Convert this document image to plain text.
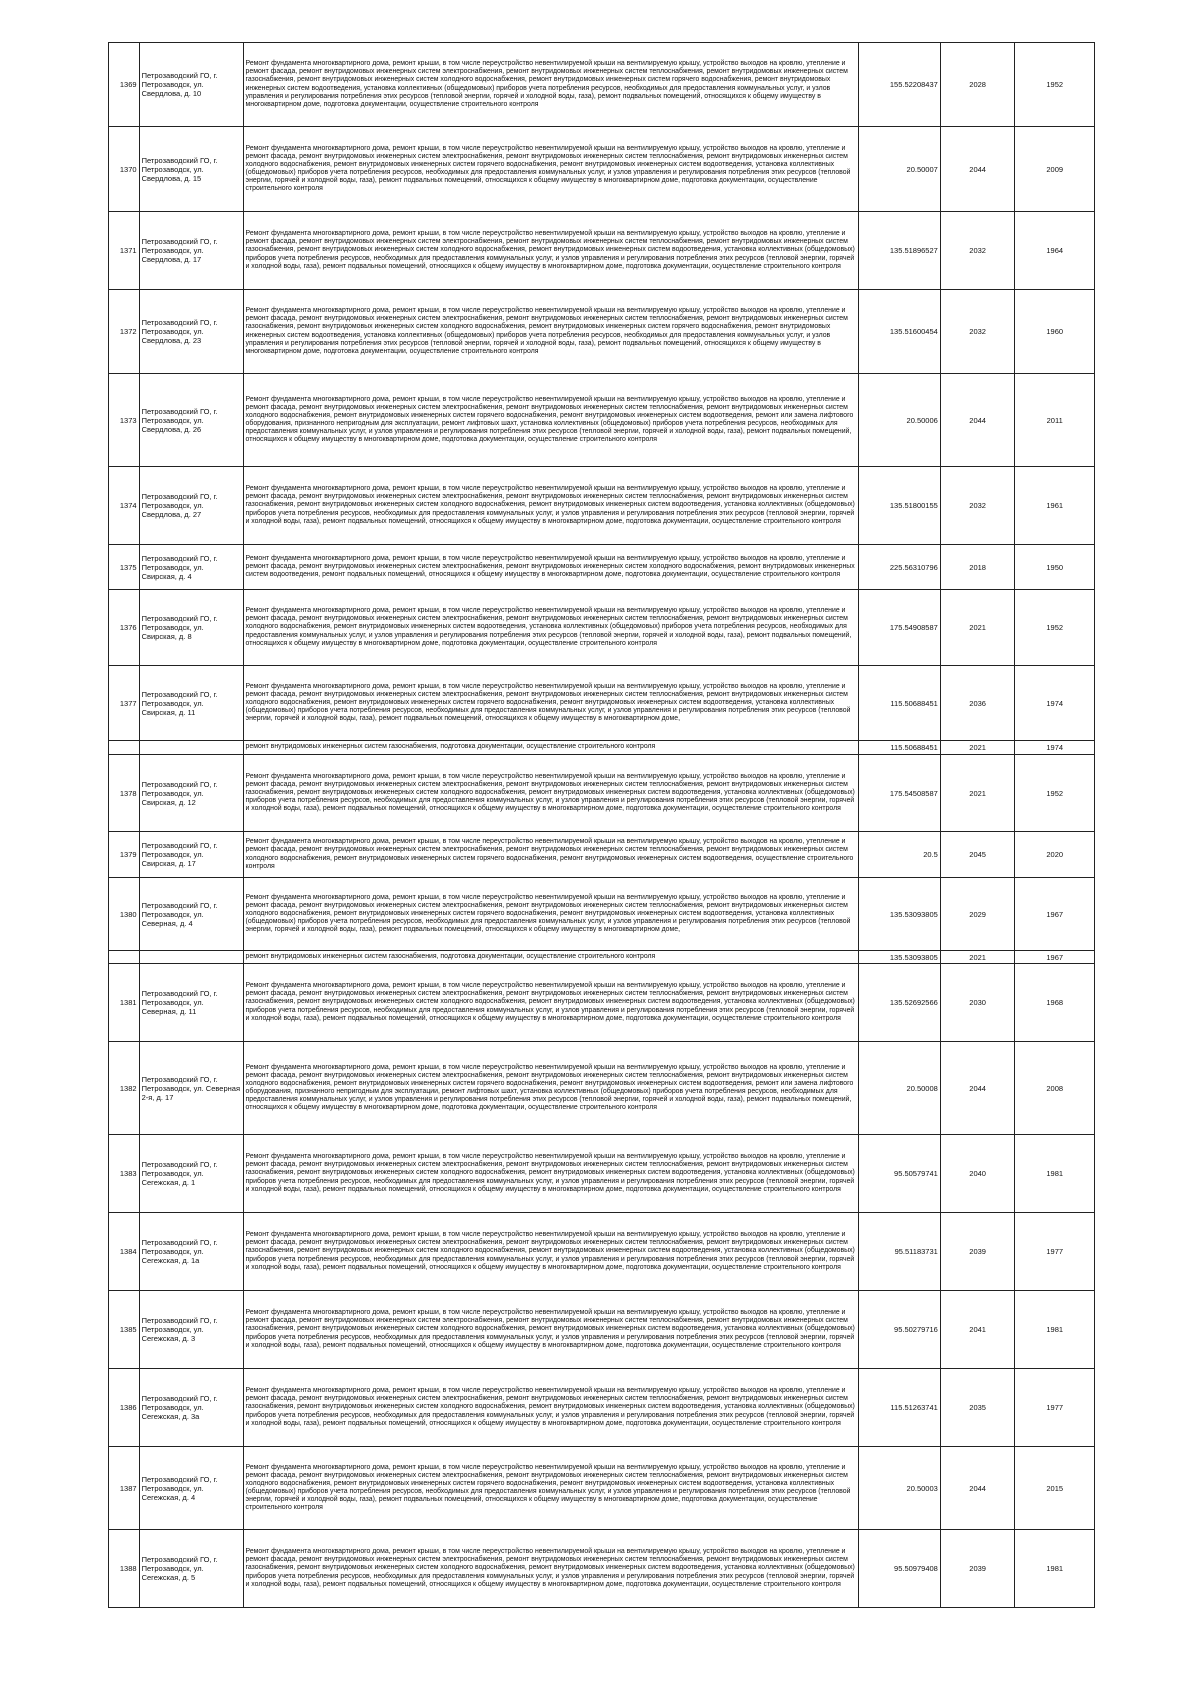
1369	Петрозаводский ГО, г. Петрозаводск, ул. Свердлова, д. 10	Ремонт фундамента многоквартирного дома, ремонт крыши, в том числе переустройство невентилируемой крыши на вентилируемую крышу, устройство выходов на кровлю, утепление и ремонт фасада, ремонт внутридомовых инженерных систем электроснабжения, ремонт внутридомовых инженерных систем теплоснабжения, ремонт внутридомовых инженерных систем газоснабжения, ремонт внутридомовых инженерных систем холодного водоснабжения, ремонт внутридомовых инженерных систем горячего водоснабжения, ремонт внутридомовых инженерных систем водоотведения, установка коллективных (общедомовых) приборов учета потребления ресурсов, необходимых для предоставления коммунальных услуг, и узлов управления и регулирования потребления этих ресурсов (тепловой энергии, горячей и холодной воды, газа), ремонт подвальных помещений, относящихся к общему имуществу в многоквартирном доме, подготовка документации, осуществление строительного контроля	155.52208437	2028	1952
1370	Петрозаводский ГО, г. Петрозаводск, ул. Свердлова, д. 15	Ремонт фундамента многоквартирного дома, ремонт крыши, в том числе переустройство невентилируемой крыши на вентилируемую крышу, устройство выходов на кровлю, утепление и ремонт фасада, ремонт внутридомовых инженерных систем электроснабжения, ремонт внутридомовых инженерных систем теплоснабжения, ремонт внутридомовых инженерных систем холодного водоснабжения, ремонт внутридомовых инженерных систем горячего водоснабжения, ремонт внутридомовых инженерных систем водоотведения, установка коллективных (общедомовых) приборов учета потребления ресурсов, необходимых для предоставления коммунальных услуг, и узлов управления и регулирования потребления этих ресурсов (тепловой энергии, горячей и холодной воды, газа), ремонт подвальных помещений, относящихся к общему имуществу в многоквартирном доме, подготовка документации, осуществление строительного контроля	20.50007	2044	2009
1371	Петрозаводский ГО, г. Петрозаводск, ул. Свердлова, д. 17	Ремонт фундамента многоквартирного дома, ремонт крыши, в том числе переустройство невентилируемой крыши на вентилируемую крышу, устройство выходов на кровлю, утепление и ремонт фасада, ремонт внутридомовых инженерных систем электроснабжения, ремонт внутридомовых инженерных систем теплоснабжения, ремонт внутридомовых инженерных систем газоснабжения, ремонт внутридомовых инженерных систем холодного водоснабжения, ремонт внутридомовых инженерных систем водоотведения, установка коллективных (общедомовых) приборов учета потребления ресурсов, необходимых для предоставления коммунальных услуг, и узлов управления и регулирования потребления этих ресурсов (тепловой энергии, горячей и холодной воды, газа), ремонт подвальных помещений, относящихся к общему имуществу в многоквартирном доме, подготовка документации, осуществление строительного контроля	135.51896527	2032	1964
1372	Петрозаводский ГО, г. Петрозаводск, ул. Свердлова, д. 23	Ремонт фундамента многоквартирного дома, ремонт крыши, в том числе переустройство невентилируемой крыши на вентилируемую крышу, устройство выходов на кровлю, утепление и ремонт фасада, ремонт внутридомовых инженерных систем электроснабжения, ремонт внутридомовых инженерных систем теплоснабжения, ремонт внутридомовых инженерных систем газоснабжения, ремонт внутридомовых инженерных систем холодного водоснабжения, ремонт внутридомовых инженерных систем горячего водоснабжения, ремонт внутридомовых инженерных систем водоотведения, установка коллективных (общедомовых) приборов учета потребления ресурсов, необходимых для предоставления коммунальных услуг, и узлов управления и регулирования потребления этих ресурсов (тепловой энергии, горячей и холодной воды, газа), ремонт подвальных помещений, относящихся к общему имуществу в многоквартирном доме, подготовка документации, осуществление строительного контроля	135.51600454	2032	1960
1373	Петрозаводский ГО, г. Петрозаводск, ул. Свердлова, д. 26	Ремонт фундамента многоквартирного дома, ремонт крыши, в том числе переустройство невентилируемой крыши на вентилируемую крышу, устройство выходов на кровлю, утепление и ремонт фасада, ремонт внутридомовых инженерных систем электроснабжения, ремонт внутридомовых инженерных систем теплоснабжения, ремонт внутридомовых инженерных систем холодного водоснабжения, ремонт внутридомовых инженерных систем горячего водоснабжения, ремонт внутридомовых инженерных систем водоотведения, ремонт или замена лифтового оборудования, признанного непригодным для эксплуатации, ремонт лифтовых шахт, установка коллективных (общедомовых) приборов учета потребления ресурсов, необходимых для предоставления коммунальных услуг, и узлов управления и регулирования потребления этих ресурсов (тепловой энергии, горячей и холодной воды, газа), ремонт подвальных помещений, относящихся к общему имуществу в многоквартирном доме, подготовка документации, осуществление строительного контроля	20.50006	2044	2011
1374	Петрозаводский ГО, г. Петрозаводск, ул. Свердлова, д. 27	Ремонт фундамента многоквартирного дома, ремонт крыши, в том числе переустройство невентилируемой крыши на вентилируемую крышу, устройство выходов на кровлю, утепление и ремонт фасада, ремонт внутридомовых инженерных систем электроснабжения, ремонт внутридомовых инженерных систем теплоснабжения, ремонт внутридомовых инженерных систем газоснабжения, ремонт внутридомовых инженерных систем холодного водоснабжения, ремонт внутридомовых инженерных систем водоотведения, установка коллективных (общедомовых) приборов учета потребления ресурсов, необходимых для предоставления коммунальных услуг, и узлов управления и регулирования потребления этих ресурсов (тепловой энергии, горячей и холодной воды, газа), ремонт подвальных помещений, относящихся к общему имуществу в многоквартирном доме, подготовка документации, осуществление строительного контроля	135.51800155	2032	1961
1375	Петрозаводский ГО, г. Петрозаводск, ул. Свирская, д. 4	Ремонт фундамента многоквартирного дома, ремонт крыши, в том числе переустройство невентилируемой крыши на вентилируемую крышу, устройство выходов на кровлю, утепление и ремонт фасада, ремонт внутридомовых инженерных систем электроснабжения, ремонт внутридомовых инженерных систем холодного водоснабжения, ремонт внутридомовых инженерных систем водоотведения, ремонт подвальных помещений, относящихся к общему имуществу в многоквартирном доме, подготовка документации, осуществление строительного контроля	225.56310796	2018	1950
1376	Петрозаводский ГО, г. Петрозаводск, ул. Свирская, д. 8	Ремонт фундамента многоквартирного дома, ремонт крыши, в том числе переустройство невентилируемой крыши на вентилируемую крышу, устройство выходов на кровлю, утепление и ремонт фасада, ремонт внутридомовых инженерных систем электроснабжения, ремонт внутридомовых инженерных систем теплоснабжения, ремонт внутридомовых инженерных систем холодного водоснабжения, ремонт внутридомовых инженерных систем водоотведения, установка коллективных (общедомовых) приборов учета потребления ресурсов, необходимых для предоставления коммунальных услуг, и узлов управления и регулирования потребления этих ресурсов (тепловой энергии, горячей и холодной воды, газа), ремонт подвальных помещений, относящихся к общему имуществу в многоквартирном доме, подготовка документации, осуществление строительного контроля	175.54908587	2021	1952
1377	Петрозаводский ГО, г. Петрозаводск, ул. Свирская, д. 11	Ремонт фундамента многоквартирного дома, ремонт крыши, в том числе переустройство невентилируемой крыши на вентилируемую крышу, устройство выходов на кровлю, утепление и ремонт фасада, ремонт внутридомовых инженерных систем электроснабжения, ремонт внутридомовых инженерных систем теплоснабжения, ремонт внутридомовых инженерных систем холодного водоснабжения, ремонт внутридомовых инженерных систем горячего водоснабжения, ремонт внутридомовых инженерных систем водоотведения, установка коллективных (общедомовых) приборов учета потребления ресурсов, необходимых для предоставления коммунальных услуг, и узлов управления и регулирования потребления этих ресурсов (тепловой энергии, горячей и холодной воды, газа), ремонт подвальных помещений, относящихся к общему имуществу в многоквартирном доме,	115.50688451	2036	1974
		ремонт внутридомовых инженерных систем газоснабжения, подготовка документации, осуществление строительного контроля	115.50688451	2021	1974
1378	Петрозаводский ГО, г. Петрозаводск, ул. Свирская, д. 12	Ремонт фундамента многоквартирного дома, ремонт крыши, в том числе переустройство невентилируемой крыши на вентилируемую крышу, устройство выходов на кровлю, утепление и ремонт фасада, ремонт внутридомовых инженерных систем электроснабжения, ремонт внутридомовых инженерных систем теплоснабжения, ремонт внутридомовых инженерных систем газоснабжения, ремонт внутридомовых инженерных систем холодного водоснабжения, ремонт внутридомовых инженерных систем водоотведения, установка коллективных (общедомовых) приборов учета потребления ресурсов, необходимых для предоставления коммунальных услуг, и узлов управления и регулирования потребления этих ресурсов (тепловой энергии, горячей и холодной воды, газа), ремонт подвальных помещений, относящихся к общему имуществу в многоквартирном доме, подготовка документации, осуществление строительного контроля	175.54508587	2021	1952
1379	Петрозаводский ГО, г. Петрозаводск, ул. Свирская, д. 17	Ремонт фундамента многоквартирного дома, ремонт крыши, в том числе переустройство невентилируемой крыши на вентилируемую крышу, устройство выходов на кровлю, утепление и ремонт фасада, ремонт внутридомовых инженерных систем электроснабжения, ремонт внутридомовых инженерных систем теплоснабжения, ремонт внутридомовых инженерных систем холодного водоснабжения, ремонт внутридомовых инженерных систем горячего водоснабжения, ремонт внутридомовых инженерных систем водоотведения, осуществление строительного контроля	20.5	2045	2020
1380	Петрозаводский ГО, г. Петрозаводск, ул. Северная, д. 4	Ремонт фундамента многоквартирного дома, ремонт крыши, в том числе переустройство невентилируемой крыши на вентилируемую крышу, устройство выходов на кровлю, утепление и ремонт фасада, ремонт внутридомовых инженерных систем электроснабжения, ремонт внутридомовых инженерных систем теплоснабжения, ремонт внутридомовых инженерных систем холодного водоснабжения, ремонт внутридомовых инженерных систем горячего водоснабжения, ремонт внутридомовых инженерных систем водоотведения, установка коллективных (общедомовых) приборов учета потребления ресурсов, необходимых для предоставления коммунальных услуг, и узлов управления и регулирования потребления этих ресурсов (тепловой энергии, горячей и холодной воды, газа), ремонт подвальных помещений, относящихся к общему имуществу в многоквартирном доме,	135.53093805	2029	1967
		ремонт внутридомовых инженерных систем газоснабжения, подготовка документации, осуществление строительного контроля	135.53093805	2021	1967
1381	Петрозаводский ГО, г. Петрозаводск, ул. Северная, д. 11	Ремонт фундамента многоквартирного дома, ремонт крыши, в том числе переустройство невентилируемой крыши на вентилируемую крышу, устройство выходов на кровлю, утепление и ремонт фасада, ремонт внутридомовых инженерных систем электроснабжения, ремонт внутридомовых инженерных систем теплоснабжения, ремонт внутридомовых инженерных систем газоснабжения, ремонт внутридомовых инженерных систем холодного водоснабжения, ремонт внутридомовых инженерных систем водоотведения, установка коллективных (общедомовых) приборов учета потребления ресурсов, необходимых для предоставления коммунальных услуг, и узлов управления и регулирования потребления этих ресурсов (тепловой энергии, горячей и холодной воды, газа), ремонт подвальных помещений, относящихся к общему имуществу в многоквартирном доме, подготовка документации, осуществление строительного контроля	135.52692566	2030	1968
1382	Петрозаводский ГО, г. Петрозаводск, ул. Северная 2-я, д. 17	Ремонт фундамента многоквартирного дома, ремонт крыши, в том числе переустройство невентилируемой крыши на вентилируемую крышу, устройство выходов на кровлю, утепление и ремонт фасада, ремонт внутридомовых инженерных систем электроснабжения, ремонт внутридомовых инженерных систем теплоснабжения, ремонт внутридомовых инженерных систем холодного водоснабжения, ремонт внутридомовых инженерных систем горячего водоснабжения, ремонт внутридомовых инженерных систем водоотведения, ремонт или замена лифтового оборудования, признанного непригодным для эксплуатации, ремонт лифтовых шахт, установка коллективных (общедомовых) приборов учета потребления ресурсов, необходимых для предоставления коммунальных услуг, и узлов управления и регулирования потребления этих ресурсов (тепловой энергии, горячей и холодной воды, газа), ремонт подвальных помещений, относящихся к общему имуществу в многоквартирном доме, подготовка документации, осуществление строительного контроля	20.50008	2044	2008
1383	Петрозаводский ГО, г. Петрозаводск, ул. Сегежская, д. 1	Ремонт фундамента многоквартирного дома, ремонт крыши, в том числе переустройство невентилируемой крыши на вентилируемую крышу, устройство выходов на кровлю, утепление и ремонт фасада, ремонт внутридомовых инженерных систем электроснабжения, ремонт внутридомовых инженерных систем теплоснабжения, ремонт внутридомовых инженерных систем газоснабжения, ремонт внутридомовых инженерных систем холодного водоснабжения, ремонт внутридомовых инженерных систем водоотведения, установка коллективных (общедомовых) приборов учета потребления ресурсов, необходимых для предоставления коммунальных услуг, и узлов управления и регулирования потребления этих ресурсов (тепловой энергии, горячей и холодной воды, газа), ремонт подвальных помещений, относящихся к общему имуществу в многоквартирном доме, подготовка документации, осуществление строительного контроля	95.50579741	2040	1981
1384	Петрозаводский ГО, г. Петрозаводск, ул. Сегежская, д. 1а	Ремонт фундамента многоквартирного дома, ремонт крыши, в том числе переустройство невентилируемой крыши на вентилируемую крышу, устройство выходов на кровлю, утепление и ремонт фасада, ремонт внутридомовых инженерных систем электроснабжения, ремонт внутридомовых инженерных систем теплоснабжения, ремонт внутридомовых инженерных систем газоснабжения, ремонт внутридомовых инженерных систем холодного водоснабжения, ремонт внутридомовых инженерных систем водоотведения, установка коллективных (общедомовых) приборов учета потребления ресурсов, необходимых для предоставления коммунальных услуг, и узлов управления и регулирования потребления этих ресурсов (тепловой энергии, горячей и холодной воды, газа), ремонт подвальных помещений, относящихся к общему имуществу в многоквартирном доме, подготовка документации, осуществление строительного контроля	95.51183731	2039	1977
1385	Петрозаводский ГО, г. Петрозаводск, ул. Сегежская, д. 3	Ремонт фундамента многоквартирного дома, ремонт крыши, в том числе переустройство невентилируемой крыши на вентилируемую крышу, устройство выходов на кровлю, утепление и ремонт фасада, ремонт внутридомовых инженерных систем электроснабжения, ремонт внутридомовых инженерных систем теплоснабжения, ремонт внутридомовых инженерных систем газоснабжения, ремонт внутридомовых инженерных систем холодного водоснабжения, ремонт внутридомовых инженерных систем водоотведения, установка коллективных (общедомовых) приборов учета потребления ресурсов, необходимых для предоставления коммунальных услуг, и узлов управления и регулирования потребления этих ресурсов (тепловой энергии, горячей и холодной воды, газа), ремонт подвальных помещений, относящихся к общему имуществу в многоквартирном доме, подготовка документации, осуществление строительного контроля	95.50279716	2041	1981
1386	Петрозаводский ГО, г. Петрозаводск, ул. Сегежская, д. 3а	Ремонт фундамента многоквартирного дома, ремонт крыши, в том числе переустройство невентилируемой крыши на вентилируемую крышу, устройство выходов на кровлю, утепление и ремонт фасада, ремонт внутридомовых инженерных систем электроснабжения, ремонт внутридомовых инженерных систем теплоснабжения, ремонт внутридомовых инженерных систем газоснабжения, ремонт внутридомовых инженерных систем холодного водоснабжения, ремонт внутридомовых инженерных систем водоотведения, установка коллективных (общедомовых) приборов учета потребления ресурсов, необходимых для предоставления коммунальных услуг, и узлов управления и регулирования потребления этих ресурсов (тепловой энергии, горячей и холодной воды, газа), ремонт подвальных помещений, относящихся к общему имуществу в многоквартирном доме, подготовка документации, осуществление строительного контроля	115.51263741	2035	1977
1387	Петрозаводский ГО, г. Петрозаводск, ул. Сегежская, д. 4	Ремонт фундамента многоквартирного дома, ремонт крыши, в том числе переустройство невентилируемой крыши на вентилируемую крышу, устройство выходов на кровлю, утепление и ремонт фасада, ремонт внутридомовых инженерных систем электроснабжения, ремонт внутридомовых инженерных систем теплоснабжения, ремонт внутридомовых инженерных систем холодного водоснабжения, ремонт внутридомовых инженерных систем горячего водоснабжения, ремонт внутридомовых инженерных систем водоотведения, установка коллективных (общедомовых) приборов учета потребления ресурсов, необходимых для предоставления коммунальных услуг, и узлов управления и регулирования потребления этих ресурсов (тепловой энергии, горячей и холодной воды, газа), ремонт подвальных помещений, относящихся к общему имуществу в многоквартирном доме, подготовка документации, осуществление строительного контроля	20.50003	2044	2015
1388	Петрозаводский ГО, г. Петрозаводск, ул. Сегежская, д. 5	Ремонт фундамента многоквартирного дома, ремонт крыши, в том числе переустройство невентилируемой крыши на вентилируемую крышу, устройство выходов на кровлю, утепление и ремонт фасада, ремонт внутридомовых инженерных систем электроснабжения, ремонт внутридомовых инженерных систем теплоснабжения, ремонт внутридомовых инженерных систем газоснабжения, ремонт внутридомовых инженерных систем холодного водоснабжения, ремонт внутридомовых инженерных систем водоотведения, установка коллективных (общедомовых) приборов учета потребления ресурсов, необходимых для предоставления коммунальных услуг, и узлов управления и регулирования потребления этих ресурсов (тепловой энергии, горячей и холодной воды, газа), ремонт подвальных помещений, относящихся к общему имуществу в многоквартирном доме, подготовка документации, осуществление строительного контроля	95.50979408	2039	1981
